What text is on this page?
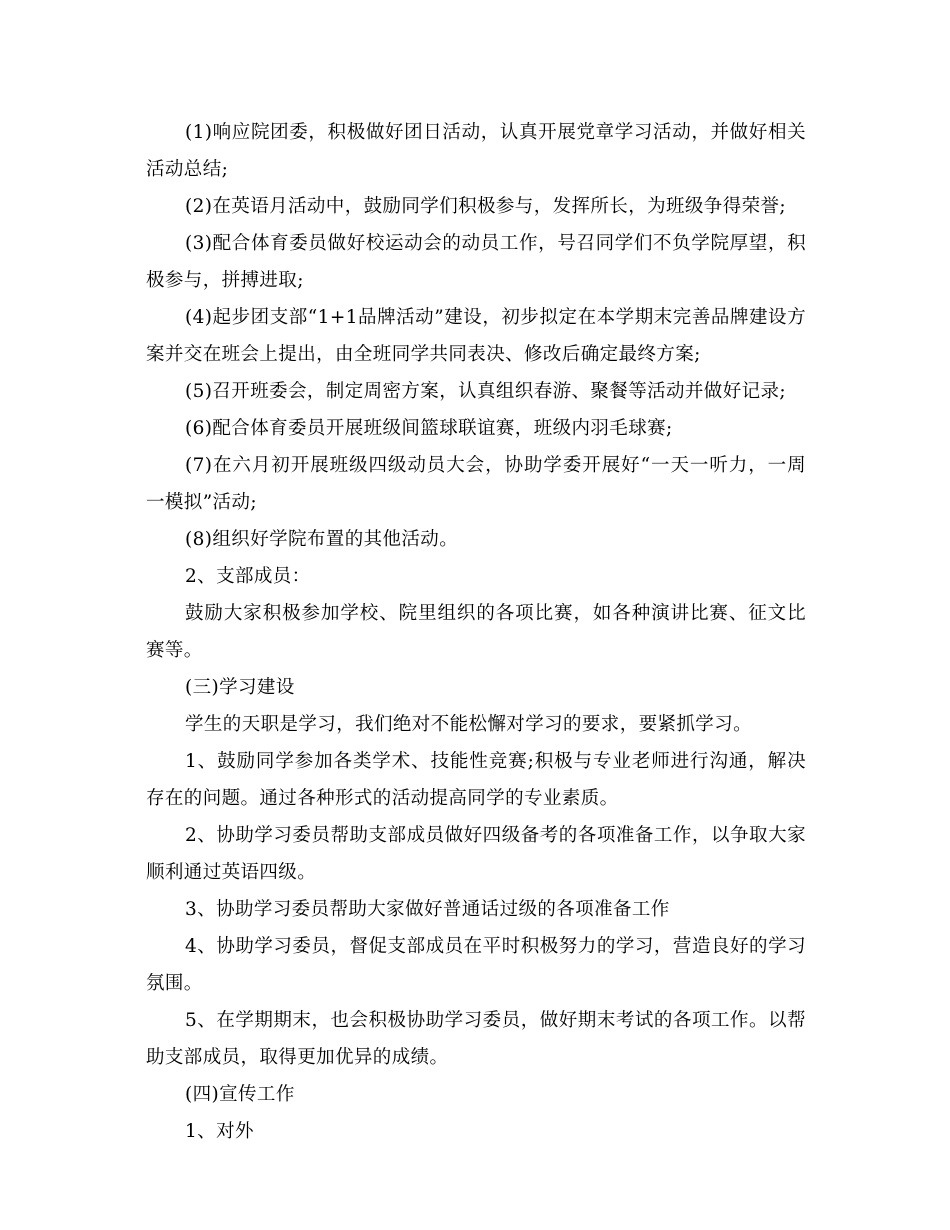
(1)响应院团委，积极做好团日活动，认真开展党章学习活动，并做好相关活动总结;

(2)在英语月活动中，鼓励同学们积极参与，发挥所长，为班级争得荣誉;

(3)配合体育委员做好校运动会的动员工作，号召同学们不负学院厚望，积极参与，拼搏进取;

(4)起步团支部“1+1品牌活动”建设，初步拟定在本学期末完善品牌建设方案并交在班会上提出，由全班同学共同表决、修改后确定最终方案;

(5)召开班委会，制定周密方案，认真组织春游、聚餐等活动并做好记录;

(6)配合体育委员开展班级间篮球联谊赛，班级内羽毛球赛;

(7)在六月初开展班级四级动员大会，协助学委开展好“一天一听力，一周一模拟”活动;

(8)组织好学院布置的其他活动。

2、支部成员：

鼓励大家积极参加学校、院里组织的各项比赛，如各种演讲比赛、征文比赛等。

(三)学习建设

学生的天职是学习，我们绝对不能松懈对学习的要求，要紧抓学习。

1、鼓励同学参加各类学术、技能性竞赛;积极与专业老师进行沟通，解决存在的问题。通过各种形式的活动提高同学的专业素质。

2、协助学习委员帮助支部成员做好四级备考的各项准备工作，以争取大家顺利通过英语四级。

3、协助学习委员帮助大家做好普通话过级的各项准备工作

4、协助学习委员，督促支部成员在平时积极努力的学习，营造良好的学习氛围。

5、在学期期末，也会积极协助学习委员，做好期末考试的各项工作。以帮助支部成员，取得更加优异的成绩。

(四)宣传工作

1、对外
